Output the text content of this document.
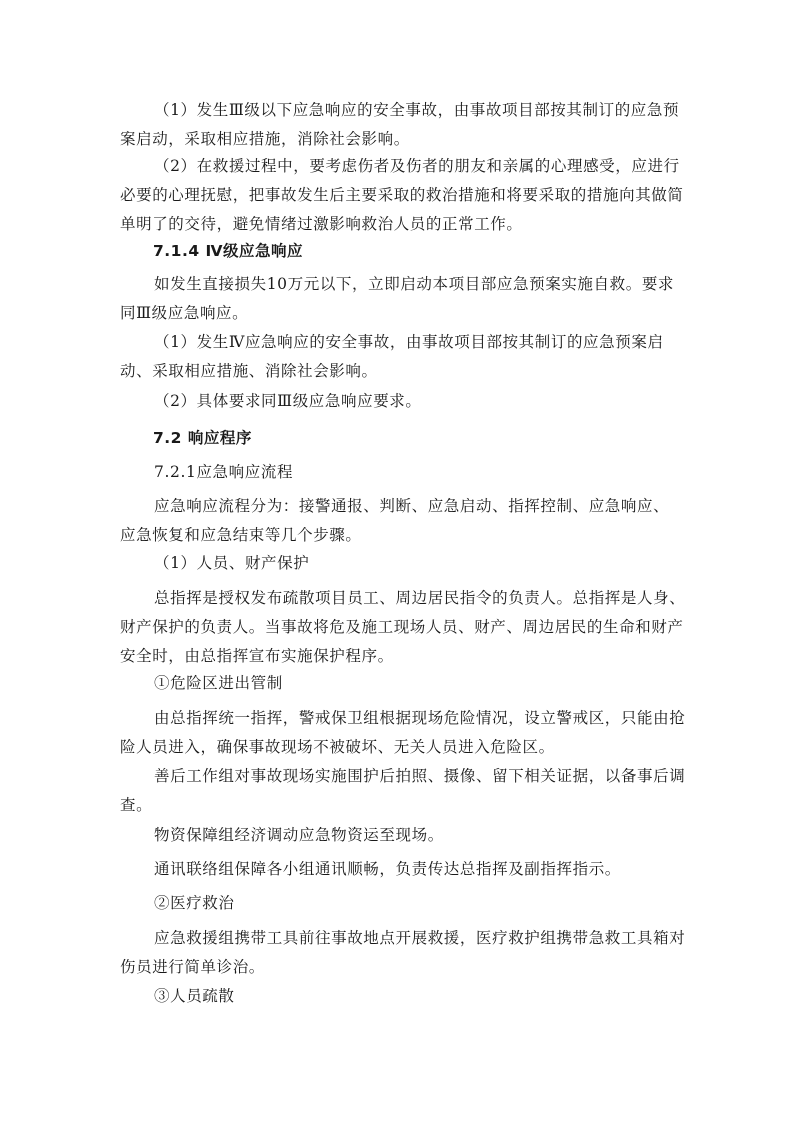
（1）发生Ⅲ级以下应急响应的安全事故，由事故项目部按其制订的应急预
案启动，采取相应措施，消除社会影响。
（2）在救援过程中，要考虑伤者及伤者的朋友和亲属的心理感受，应进行
必要的心理抚慰，把事故发生后主要采取的救治措施和将要采取的措施向其做简
单明了的交待，避免情绪过激影响救治人员的正常工作。
7.1.4 Ⅳ级应急响应
如发生直接损失10万元以下，立即启动本项目部应急预案实施自救。要求
同Ⅲ级应急响应。
（1）发生Ⅳ应急响应的安全事故，由事故项目部按其制订的应急预案启
动、采取相应措施、消除社会影响。
（2）具体要求同Ⅲ级应急响应要求。
7.2 响应程序
7.2.1应急响应流程
应急响应流程分为：接警通报、判断、应急启动、指挥控制、应急响应、
应急恢复和应急结束等几个步骤。
（1）人员、财产保护
总指挥是授权发布疏散项目员工、周边居民指令的负责人。总指挥是人身、
财产保护的负责人。当事故将危及施工现场人员、财产、周边居民的生命和财产
安全时，由总指挥宣布实施保护程序。
①危险区进出管制
由总指挥统一指挥，警戒保卫组根据现场危险情况，设立警戒区，只能由抢
险人员进入，确保事故现场不被破坏、无关人员进入危险区。
善后工作组对事故现场实施围护后拍照、摄像、留下相关证据，以备事后调
查。
物资保障组经济调动应急物资运至现场。
通讯联络组保障各小组通讯顺畅，负责传达总指挥及副指挥指示。
②医疗救治
应急救援组携带工具前往事故地点开展救援，医疗救护组携带急救工具箱对
伤员进行简单诊治。
③人员疏散
